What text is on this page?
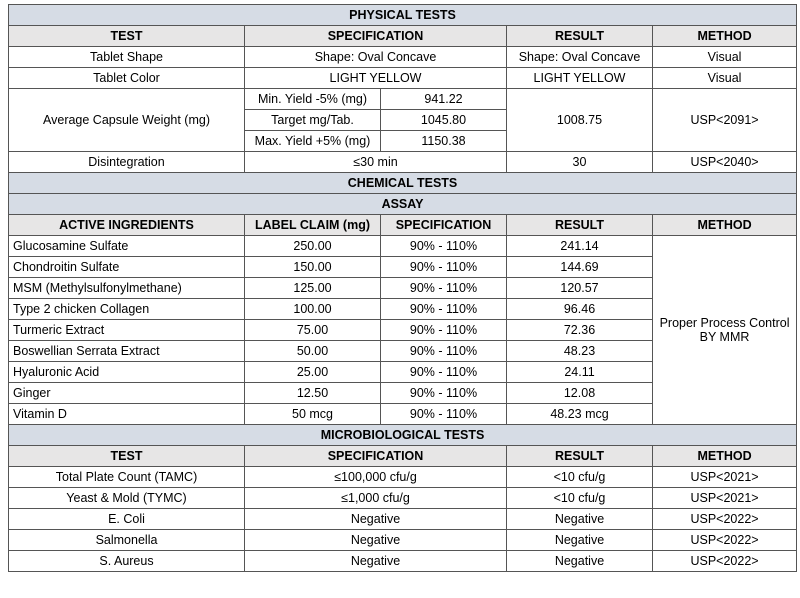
PHYSICAL TESTS				
TEST	SPECIFICATION		RESULT	METHOD
Tablet Shape	Shape: Oval Concave		Shape: Oval Concave	Visual
Tablet Color	LIGHT YELLOW		LIGHT YELLOW	Visual
Average Capsule Weight (mg)	Min. Yield -5% (mg)	941.22	1008.75	USP<2091>
	Target mg/Tab.	1045.80		
	Max. Yield +5% (mg)	1150.38		
Disintegration	≤30 min		30	USP<2040>
CHEMICAL TESTS				
ASSAY				
ACTIVE INGREDIENTS	LABEL CLAIM (mg)	SPECIFICATION	RESULT	METHOD
Glucosamine Sulfate	250.00	90% - 110%	241.14	Proper Process Control BY MMR
Chondroitin Sulfate	150.00	90% - 110%	144.69	
MSM (Methylsulfonylmethane)	125.00	90% - 110%	120.57	
Type 2 chicken Collagen	100.00	90% - 110%	96.46	
Turmeric Extract	75.00	90% - 110%	72.36	
Boswellian Serrata Extract	50.00	90% - 110%	48.23	
Hyaluronic Acid	25.00	90% - 110%	24.11	
Ginger	12.50	90% - 110%	12.08	
Vitamin D	50 mcg	90% - 110%	48.23 mcg	
MICROBIOLOGICAL TESTS				
TEST	SPECIFICATION		RESULT	METHOD
Total Plate Count (TAMC)	≤100,000 cfu/g		<10 cfu/g	USP<2021>
Yeast & Mold (TYMC)	≤1,000 cfu/g		<10 cfu/g	USP<2021>
E. Coli	Negative		Negative	USP<2022>
Salmonella	Negative		Negative	USP<2022>
S. Aureus	Negative		Negative	USP<2022>
